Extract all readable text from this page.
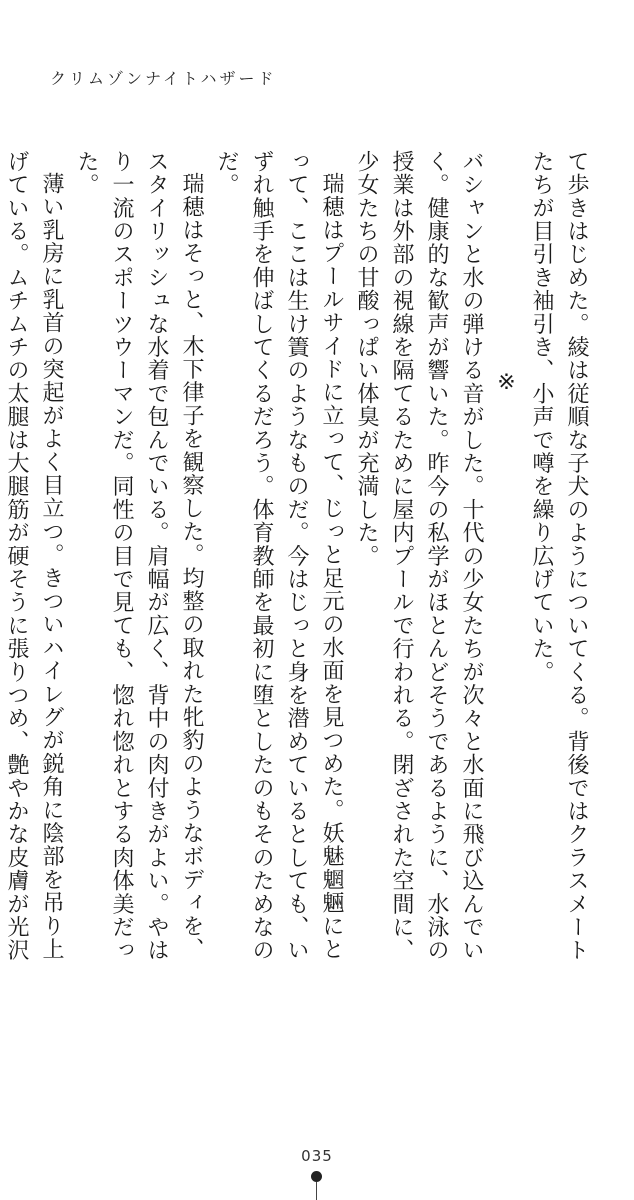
クリムゾンナイトハザード

て歩きはじめた。綾は従順な子犬のようについてくる。背後ではクラスメートたちが目引き袖引き、小声で噂を繰り広げていた。

※

バシャンと水の弾ける音がした。十代の少女たちが次々と水面に飛び込んでいく。健康的な歓声が響いた。昨今の私学がほとんどそうであるように、水泳の授業は外部の視線を隔てるために屋内プールで行われる。閉ざされた空間に、少女たちの甘酸っぱい体臭が充満した。

瑞穂はプールサイドに立って、じっと足元の水面を見つめた。妖魅魍魎にとって、ここは生け簀のようなものだ。今はじっと身を潜めているとしても、いずれ触手を伸ばしてくるだろう。体育教師を最初に堕としたのもそのためなのだ。

瑞穂はそっと、木下律子を観察した。均整の取れた牝豹のようなボディを、スタイリッシュな水着で包んでいる。肩幅が広く、背中の肉付きがよい。やはり一流のスポーツウーマンだ。同性の目で見ても、惚れ惚れとする肉体美だった。

薄い乳房に乳首の突起がよく目立つ。きついハイレグが鋭角に陰部を吊り上げている。ムチムチの太腿は大腿筋が硬そうに張りつめ、艶やかな皮膚が光沢

035
